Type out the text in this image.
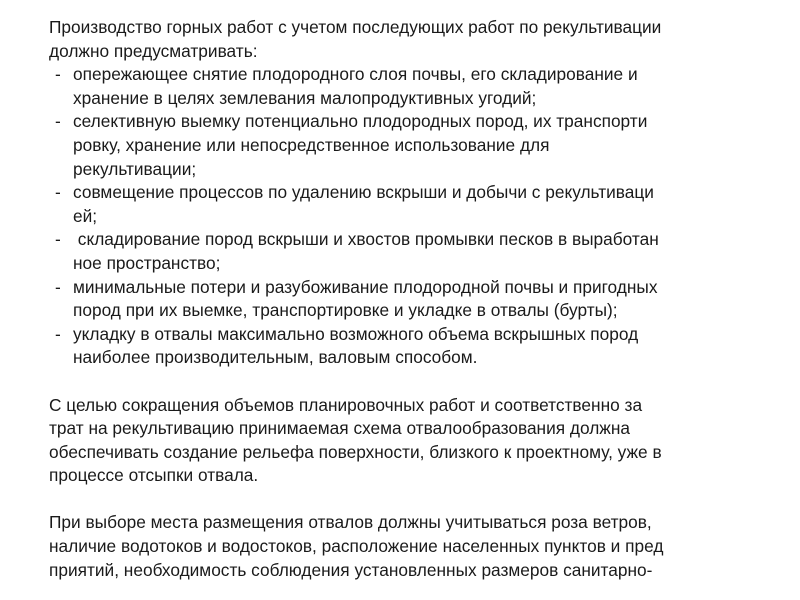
Производство горных работ с учетом последующих работ по рекультивации
должно предусматривать:

- опережающее снятие плодородного слоя почвы, его складирование и
хранение в целях землевания малопродуктивных угодий;
- селективную выемку потенциально плодородных пород, их транспорти
ровку, хранение или непосредственное использование для
рекультивации;
- совмещение процессов по удалению вскрыши и добычи с рекультиваци
ей;
- складирование пород вскрыши и хвостов промывки песков в выработан
ное пространство;
- минимальные потери и разубоживание плодородной почвы и пригодных
пород при их выемке, транспортировке и укладке в отвалы (бурты);
- укладку в отвалы максимально возможного объема вскрышных пород
наиболее производительным, валовым способом.

С целью сокращения объемов планировочных работ и соответственно за
трат на рекультивацию принимаемая схема отвалообразования должна
обеспечивать создание рельефа поверхности, близкого к проектному, уже в
процессе отсыпки отвала.

При выборе места размещения отвалов должны учитываться роза ветров,
наличие водотоков и водостоков, расположение населенных пунктов и пред
приятий, необходимость соблюдения установленных размеров санитарно-
